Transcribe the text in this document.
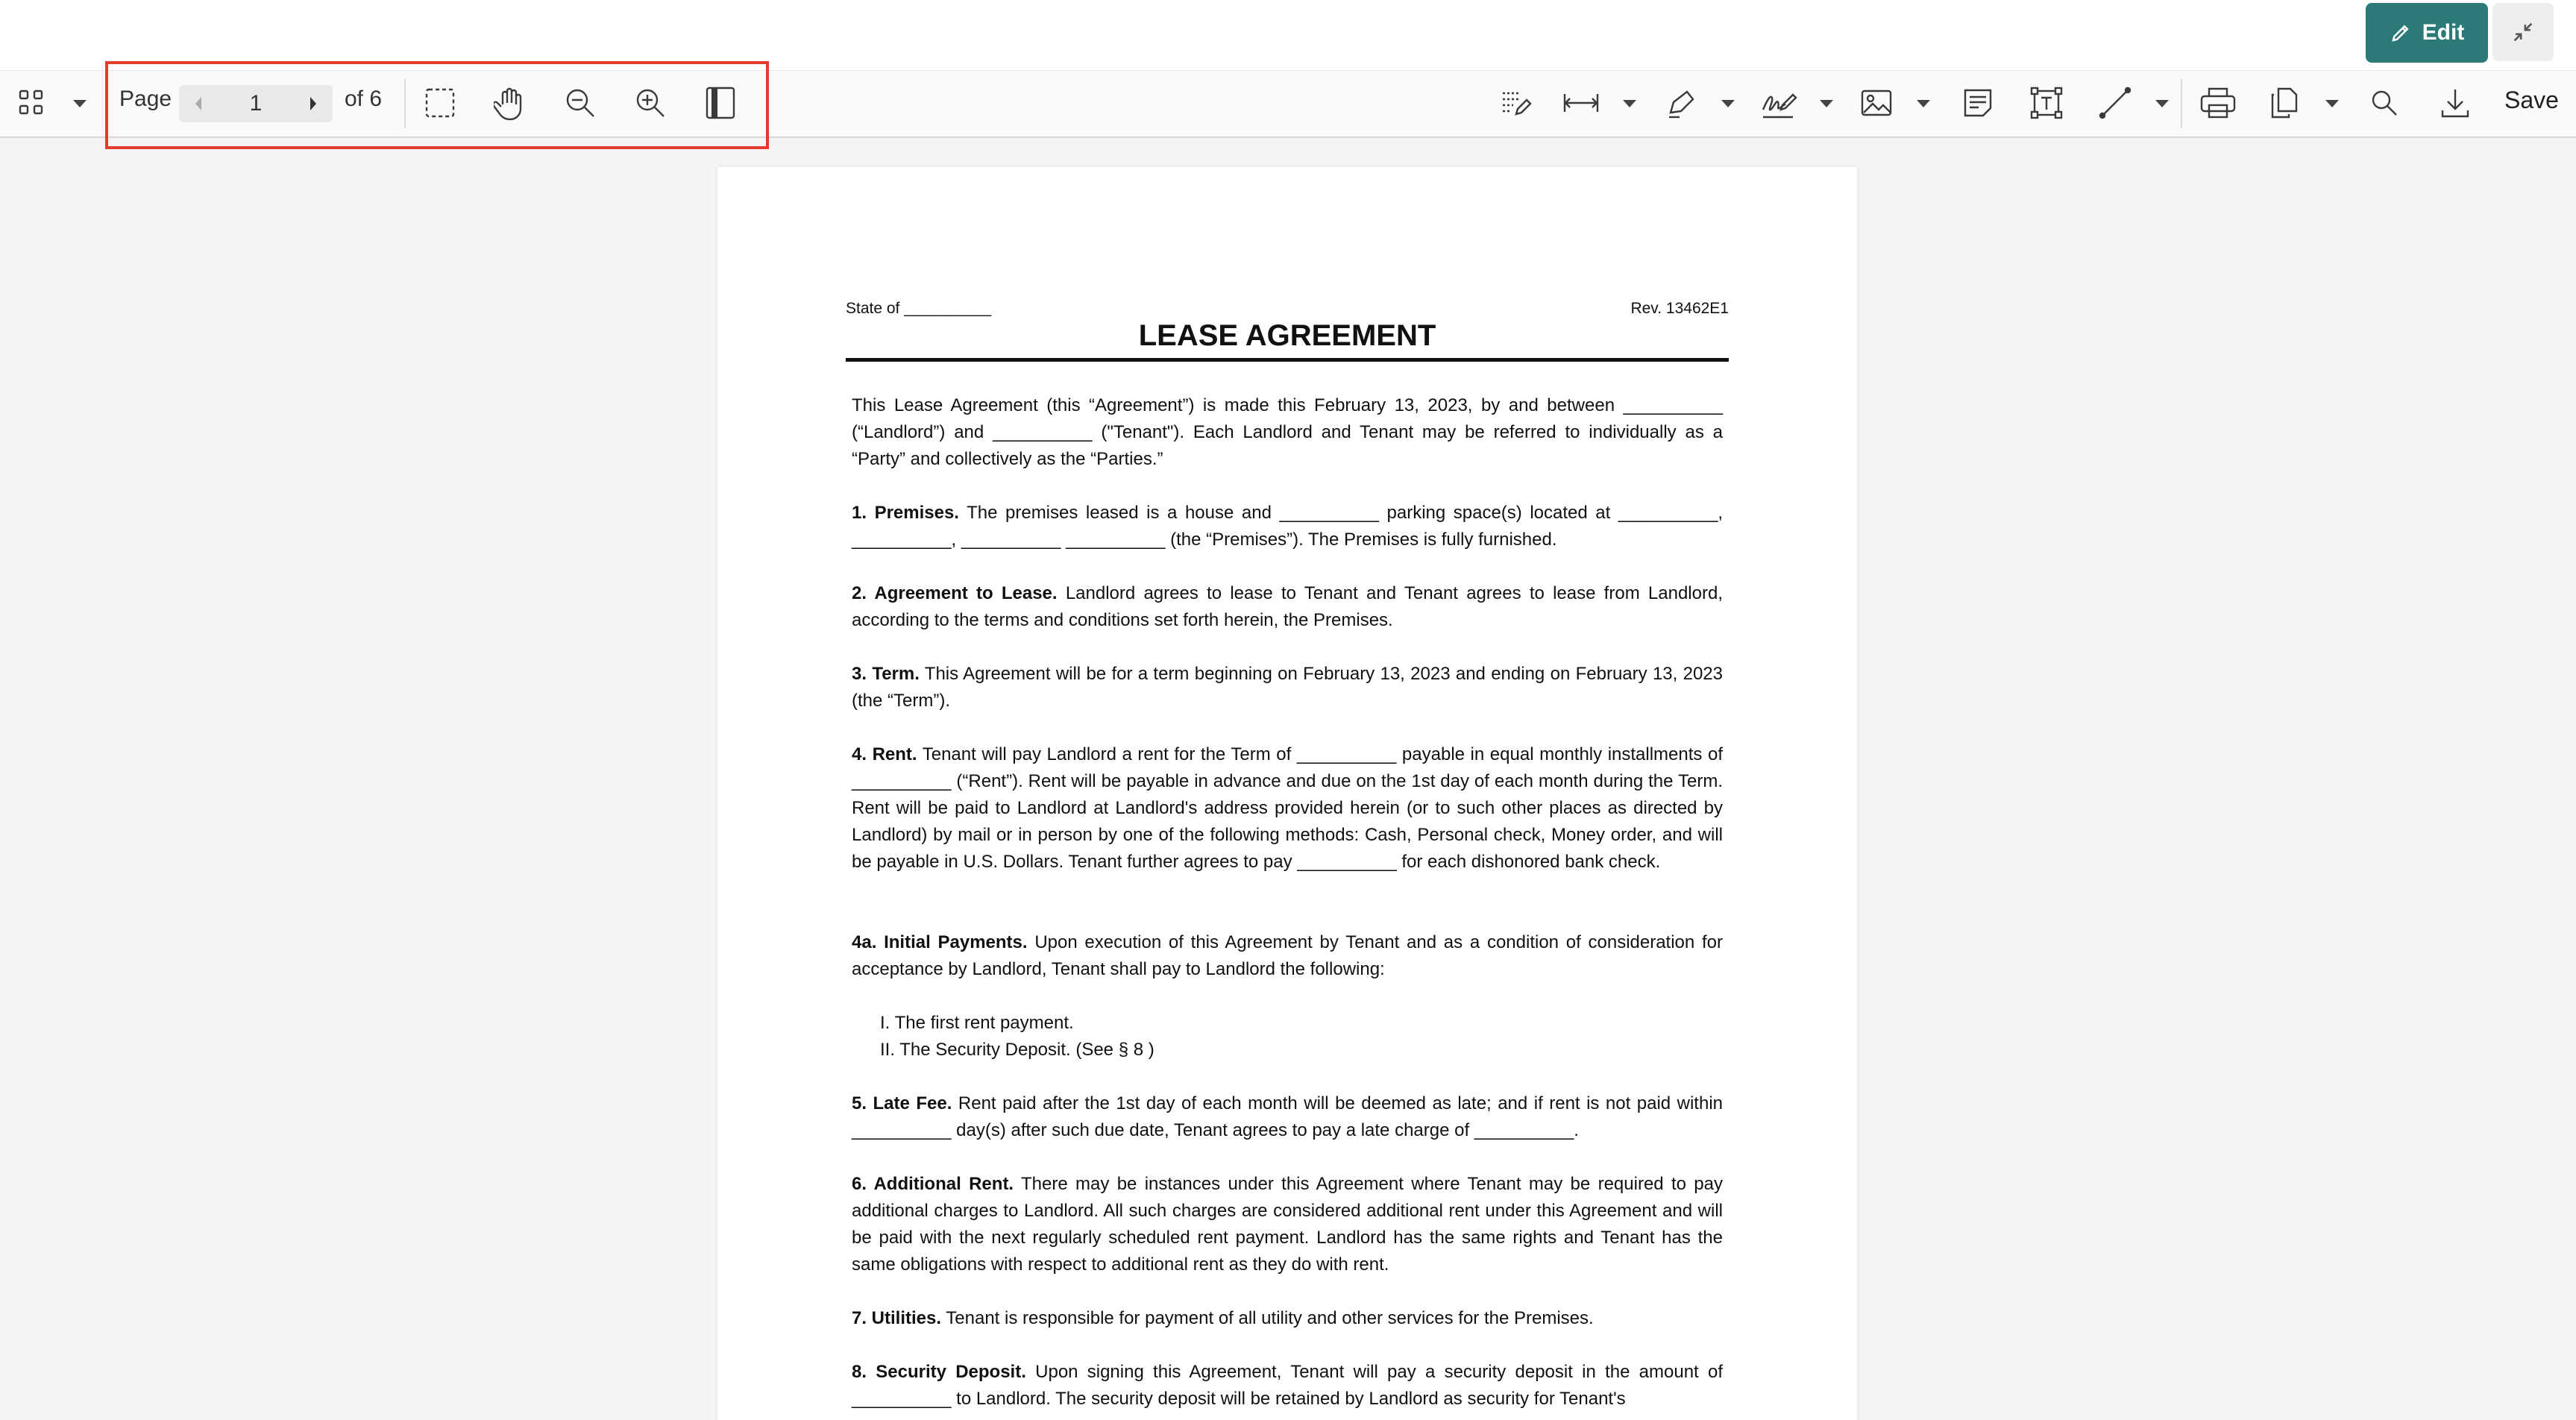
Edit
Page
1	of 6	Save
State of __________	Rev. 13462E1
LEASE AGREEMENT
This Lease Agreement (this “Agreement”) is made this February 13, 2023, by and between __________ (“Landlord”) and __________ ("Tenant"). Each Landlord and Tenant may be referred to individually as a “Party” and collectively as the “Parties.”
1. Premises. The premises leased is a house and __________ parking space(s) located at __________, __________, __________ __________ (the “Premises”). The Premises is fully furnished.
2. Agreement to Lease. Landlord agrees to lease to Tenant and Tenant agrees to lease from Landlord, according to the terms and conditions set forth herein, the Premises.
3. Term. This Agreement will be for a term beginning on February 13, 2023 and ending on February 13, 2023 (the “Term”).
4. Rent. Tenant will pay Landlord a rent for the Term of __________ payable in equal monthly installments of __________ (“Rent”). Rent will be payable in advance and due on the 1st day of each month during the Term. Rent will be paid to Landlord at Landlord's address provided herein (or to such other places as directed by Landlord) by mail or in person by one of the following methods: Cash, Personal check, Money order, and will be payable in U.S. Dollars. Tenant further agrees to pay __________ for each dishonored bank check.
4a. Initial Payments. Upon execution of this Agreement by Tenant and as a condition of consideration for acceptance by Landlord, Tenant shall pay to Landlord the following:
I. The first rent payment.
II. The Security Deposit. (See § 8 )
5. Late Fee. Rent paid after the 1st day of each month will be deemed as late; and if rent is not paid within __________ day(s) after such due date, Tenant agrees to pay a late charge of __________.
6. Additional Rent. There may be instances under this Agreement where Tenant may be required to pay additional charges to Landlord. All such charges are considered additional rent under this Agreement and will be paid with the next regularly scheduled rent payment. Landlord has the same rights and Tenant has the same obligations with respect to additional rent as they do with rent.
7. Utilities. Tenant is responsible for payment of all utility and other services for the Premises.
8. Security Deposit. Upon signing this Agreement, Tenant will pay a security deposit in the amount of __________ to Landlord. The security deposit will be retained by Landlord as security for Tenant's
